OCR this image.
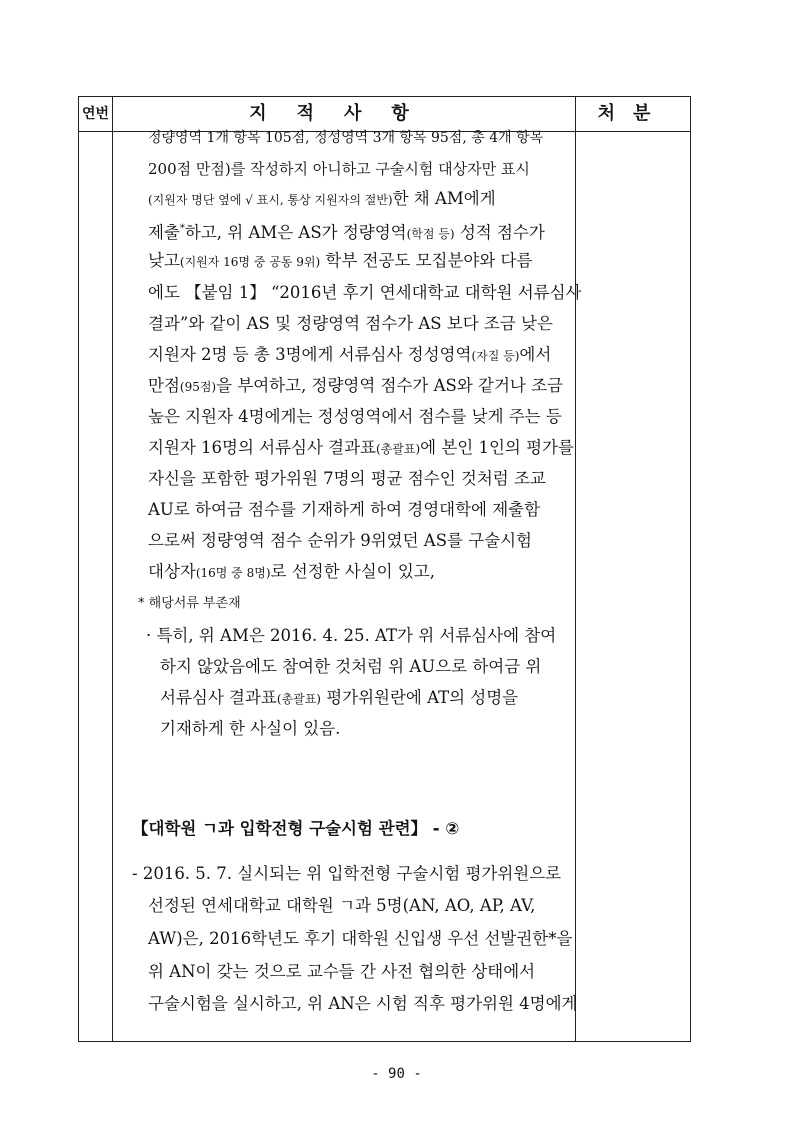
연번	지적사항	처분
정량영역 1개 항목 105점, 정성영역 3개 항목 95점, 총 4개 항목
200점 만점)를 작성하지 아니하고 구술시험 대상자만 표시
(지원자 명단 옆에 √ 표시, 통상 지원자의 절반)한 채 AM에게
제출*하고, 위 AM은 AS가 정량영역(학점 등) 성적 점수가
낮고(지원자 16명 중 공동 9위) 학부 전공도 모집분야와 다름
에도 【붙임 1】 “2016년 후기 연세대학교 대학원 서류심사
결과”와 같이 AS 및 정량영역 점수가 AS 보다 조금 낮은
지원자 2명 등 총 3명에게 서류심사 정성영역(자질 등)에서
만점(95점)을 부여하고, 정량영역 점수가 AS와 같거나 조금
높은 지원자 4명에게는 정성영역에서 점수를 낮게 주는 등
지원자 16명의 서류심사 결과표(총괄표)에 본인 1인의 평가를
자신을 포함한 평가위원 7명의 평균 점수인 것처럼 조교
AU로 하여금 점수를 기재하게 하여 경영대학에 제출함
으로써 정량영역 점수 순위가 9위였던 AS를 구술시험
대상자(16명 중 8명)로 선정한 사실이 있고,
* 해당서류 부존재
· 특히, 위 AM은 2016. 4. 25. AT가 위 서류심사에 참여
하지 않았음에도 참여한 것처럼 위 AU으로 하여금 위
서류심사 결과표(총괄표) 평가위원란에 AT의 성명을
기재하게 한 사실이 있음.
【대학원 ㄱ과 입학전형 구술시험 관련】 - ②
- 2016. 5. 7. 실시되는 위 입학전형 구술시험 평가위원으로
선정된 연세대학교 대학원 ㄱ과 5명(AN, AO, AP, AV,
AW)은, 2016학년도 후기 대학원 신입생 우선 선발권한*을
위 AN이 갖는 것으로 교수들 간 사전 협의한 상태에서
구술시험을 실시하고, 위 AN은 시험 직후 평가위원 4명에게
- 90 -
